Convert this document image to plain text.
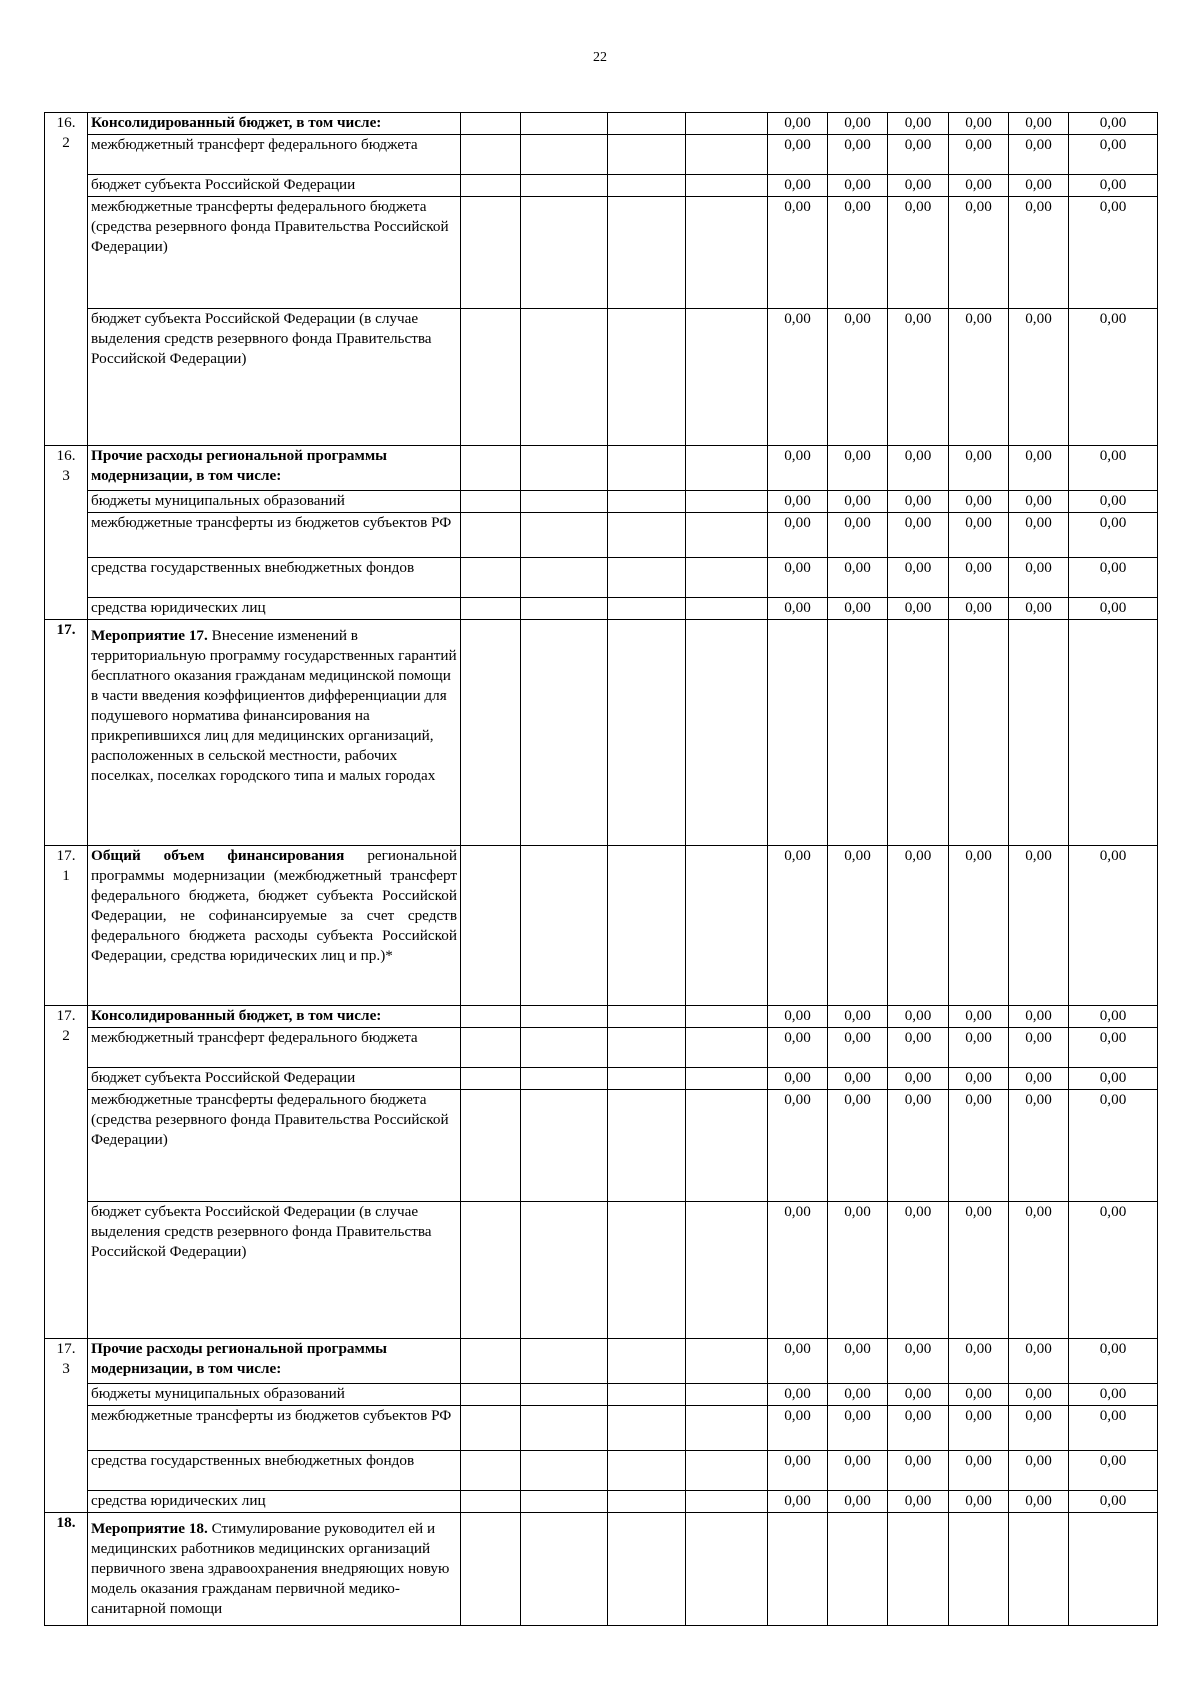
22
16.
2	Консолидированный бюджет, в том числе:					0,00	0,00	0,00	0,00	0,00	0,00
	межбюджетный трансферт федерального бюджета					0,00	0,00	0,00	0,00	0,00	0,00
	бюджет субъекта Российской Федерации					0,00	0,00	0,00	0,00	0,00	0,00
	межбюджетные трансферты федерального бюджета (средства резервного фонда Правительства Российской Федерации)					0,00	0,00	0,00	0,00	0,00	0,00
	бюджет субъекта Российской Федерации (в случае выделения средств резервного фонда Правительства Российской Федерации)					0,00	0,00	0,00	0,00	0,00	0,00
16.
3	Прочие расходы региональной программы модернизации, в том числе:					0,00	0,00	0,00	0,00	0,00	0,00
	бюджеты муниципальных образований					0,00	0,00	0,00	0,00	0,00	0,00
	межбюджетные трансферты из бюджетов субъектов РФ					0,00	0,00	0,00	0,00	0,00	0,00
	средства государственных внебюджетных фондов					0,00	0,00	0,00	0,00	0,00	0,00
	средства юридических лиц					0,00	0,00	0,00	0,00	0,00	0,00
17.	Мероприятие 17. Внесение изменений в территориальную программу государственных гарантий бесплатного оказания гражданам медицинской помощи в части введения коэффициентов дифференциации для подушевого норматива финансирования на прикрепившихся лиц для медицинских организаций, расположенных в сельской местности, рабочих поселках, поселках городского типа и малых городах										
17.
1	Общий объем финансирования региональной программы модернизации (межбюджетный трансферт федерального бюджета, бюджет субъекта Российской Федерации, не софинансируемые за счет средств федерального бюджета расходы субъекта Российской Федерации, средства юридических лиц и пр.)*					0,00	0,00	0,00	0,00	0,00	0,00
17.
2	Консолидированный бюджет, в том числе:					0,00	0,00	0,00	0,00	0,00	0,00
	межбюджетный трансферт федерального бюджета					0,00	0,00	0,00	0,00	0,00	0,00
	бюджет субъекта Российской Федерации					0,00	0,00	0,00	0,00	0,00	0,00
	межбюджетные трансферты федерального бюджета (средства резервного фонда Правительства Российской Федерации)					0,00	0,00	0,00	0,00	0,00	0,00
	бюджет субъекта Российской Федерации (в случае выделения средств резервного фонда Правительства Российской Федерации)					0,00	0,00	0,00	0,00	0,00	0,00
17.
3	Прочие расходы региональной программы модернизации, в том числе:					0,00	0,00	0,00	0,00	0,00	0,00
	бюджеты муниципальных образований					0,00	0,00	0,00	0,00	0,00	0,00
	межбюджетные трансферты из бюджетов субъектов РФ					0,00	0,00	0,00	0,00	0,00	0,00
	средства государственных внебюджетных фондов					0,00	0,00	0,00	0,00	0,00	0,00
	средства юридических лиц					0,00	0,00	0,00	0,00	0,00	0,00
18.	Мероприятие 18. Стимулирование руководител ей и медицинских работников медицинских организаций первичного звена здравоохранения внедряющих новую модель оказания гражданам первичной медико-санитарной помощи										
